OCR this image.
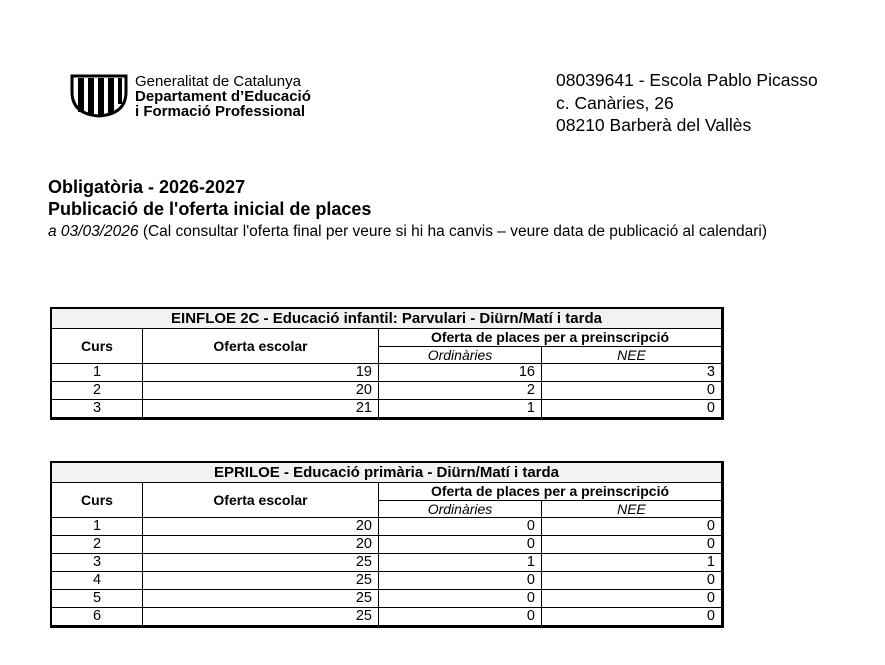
Generalitat de Catalunya
Departament d’Educació
i Formació Professional
08039641 - Escola Pablo Picasso
c. Canàries, 26
08210 Barberà del Vallès
Obligatòria - 2026-2027
Publicació de l'oferta inicial de places
a 03/03/2026 (Cal consultar l'oferta final per veure si hi ha canvis – veure data de publicació al calendari)
EINFLOE 2C - Educació infantil: Parvulari - Diürn/Matí i tarda			
Curs	Oferta escolar	Oferta de places per a preinscripció	
		Ordinàries	NEE
1	19	16	3
2	20	2	0
3	21	1	0
EPRILOE - Educació primària - Diürn/Matí i tarda			
Curs	Oferta escolar	Oferta de places per a preinscripció	
		Ordinàries	NEE
1	20	0	0
2	20	0	0
3	25	1	1
4	25	0	0
5	25	0	0
6	25	0	0
